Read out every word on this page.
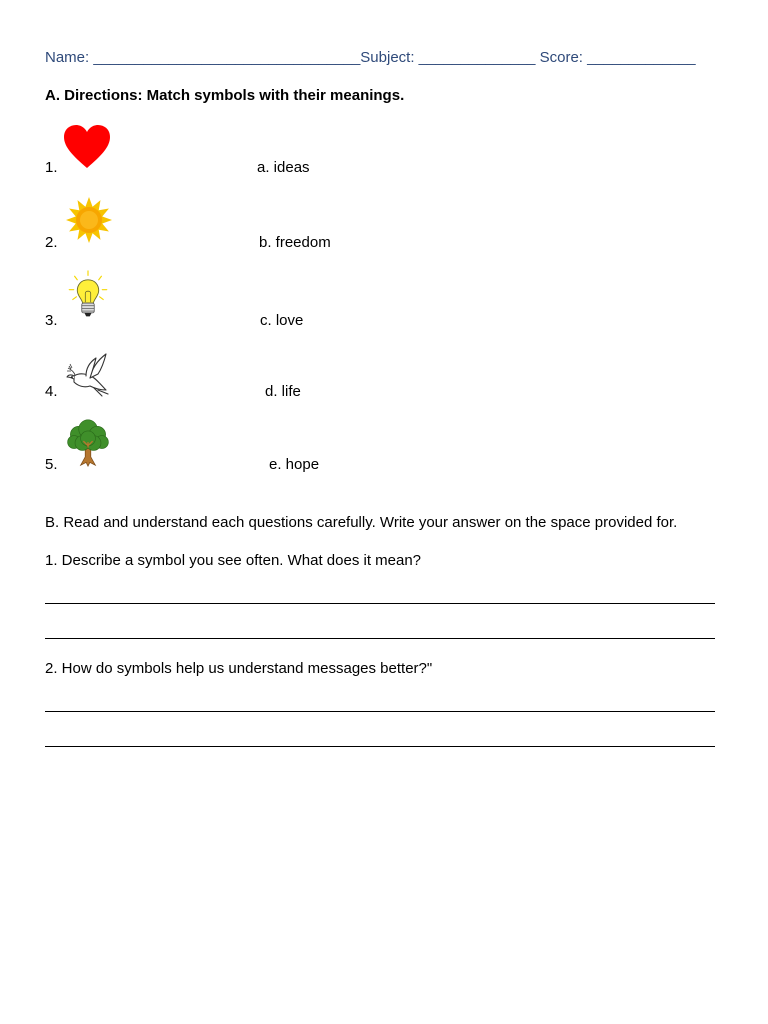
Name: ________________________________Subject: ______________ Score: _____________
A. Directions: Match symbols with their meanings.
1.	a. ideas
2.	b. freedom
3.	c. love
4.	d. life
5.	e. hope
B. Read and understand each questions carefully. Write your answer on the space provided for.
1. Describe a symbol you see often. What does it mean?
2. How do symbols help us understand messages better?"
